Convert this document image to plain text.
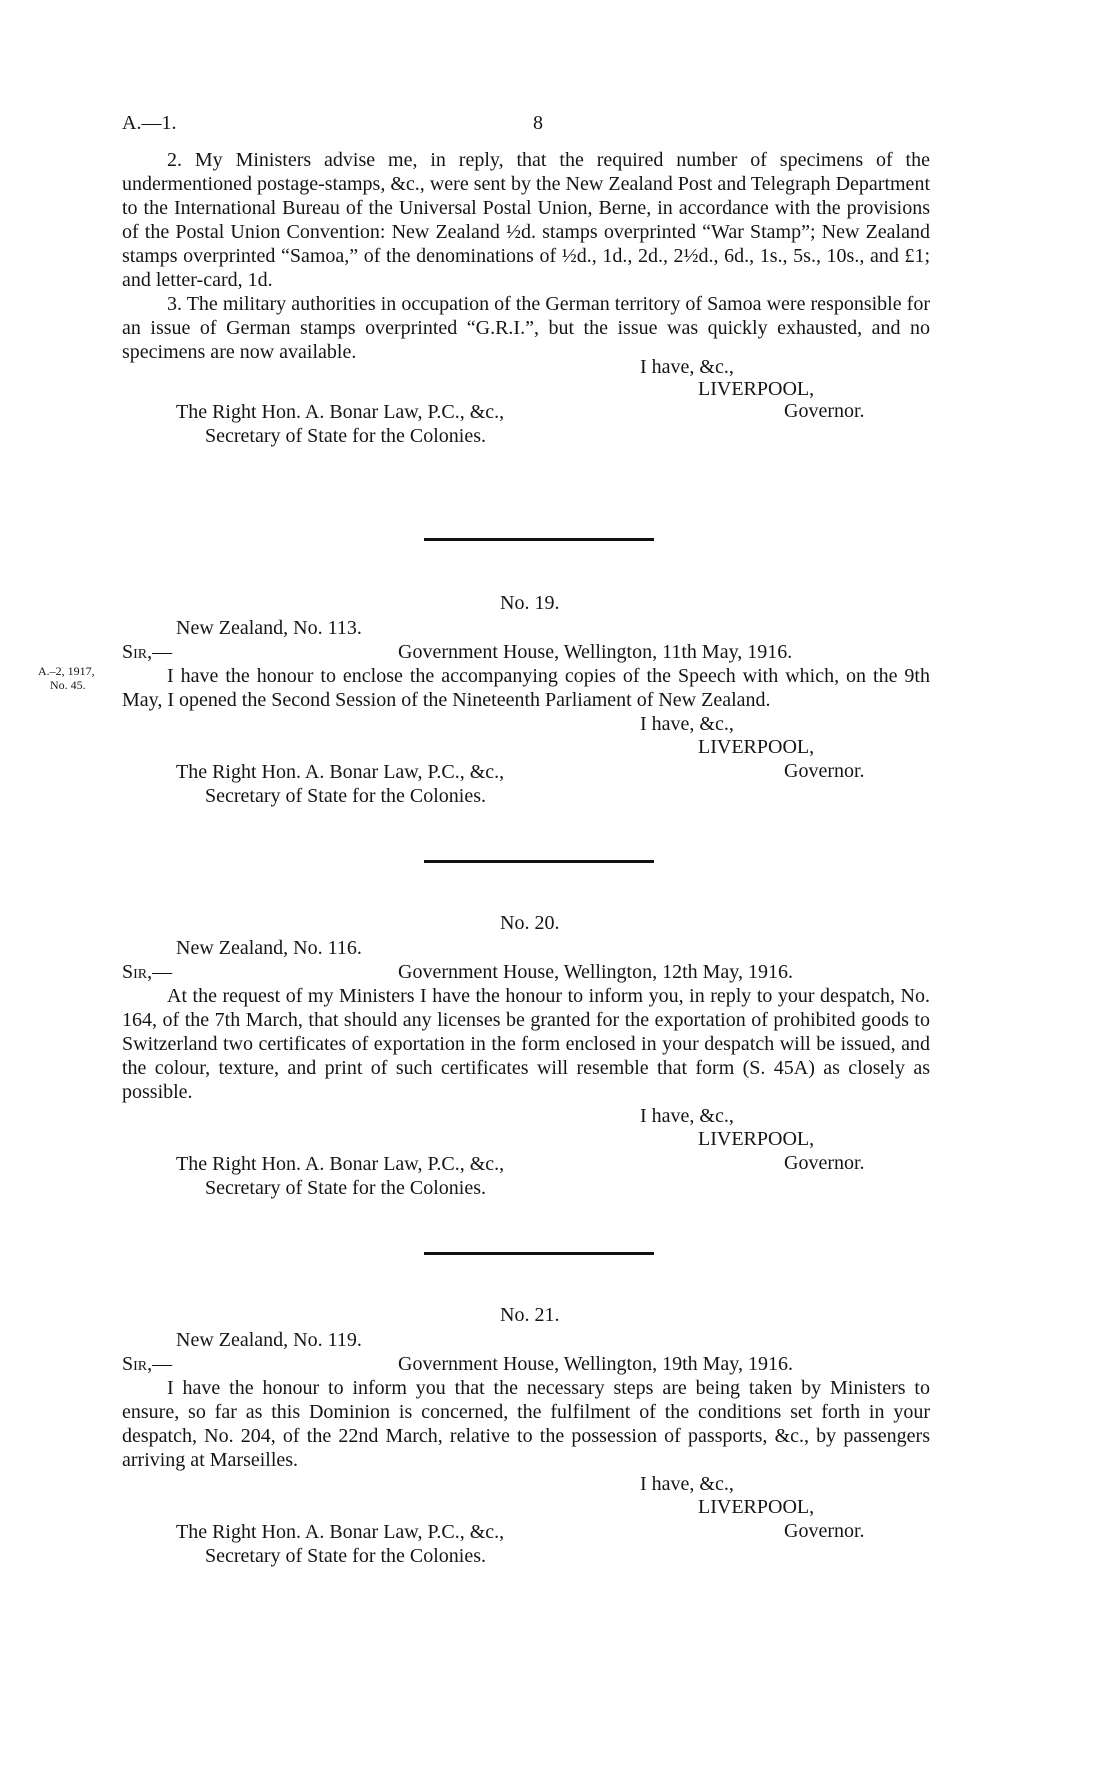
A.—1.	8

2. My Ministers advise me, in reply, that the required number of specimens of the undermentioned postage-stamps, &c., were sent by the New Zealand Post and Telegraph Department to the International Bureau of the Universal Postal Union, Berne, in accordance with the provisions of the Postal Union Convention: New Zealand ½d. stamps overprinted “War Stamp”; New Zealand stamps overprinted “Samoa,” of the denominations of ½d., 1d., 2d., 2½d., 6d., 1s., 5s., 10s., and £1; and letter-card, 1d.

3. The military authorities in occupation of the German territory of Samoa were responsible for an issue of German stamps overprinted “G.R.I.”, but the issue was quickly exhausted, and no specimens are now available.

I have, &c.,
LIVERPOOL,
The Right Hon. A. Bonar Law, P.C., &c.,	Governor.
Secretary of State for the Colonies.
No. 19.
New Zealand, No. 113.
Sir,—	Government House, Wellington, 11th May, 1916.
A.–2, 1917,
No. 45.	I have the honour to enclose the accompanying copies of the Speech with which, on the 9th May, I opened the Second Session of the Nineteenth Parliament of New Zealand.

I have, &c.,
LIVERPOOL,
The Right Hon. A. Bonar Law, P.C., &c.,	Governor.
Secretary of State for the Colonies.
No. 20.
New Zealand, No. 116.
Sir,—	Government House, Wellington, 12th May, 1916.

At the request of my Ministers I have the honour to inform you, in reply to your despatch, No. 164, of the 7th March, that should any licenses be granted for the exportation of prohibited goods to Switzerland two certificates of exportation in the form enclosed in your despatch will be issued, and the colour, texture, and print of such certificates will resemble that form (S. 45A) as closely as possible.

I have, &c.,
LIVERPOOL,
The Right Hon. A. Bonar Law, P.C., &c.,	Governor.
Secretary of State for the Colonies.
No. 21.
New Zealand, No. 119.
Sir,—	Government House, Wellington, 19th May, 1916.

I have the honour to inform you that the necessary steps are being taken by Ministers to ensure, so far as this Dominion is concerned, the fulfilment of the conditions set forth in your despatch, No. 204, of the 22nd March, relative to the possession of passports, &c., by passengers arriving at Marseilles.

I have, &c.,
LIVERPOOL,
The Right Hon. A. Bonar Law, P.C., &c.,	Governor.
Secretary of State for the Colonies.
